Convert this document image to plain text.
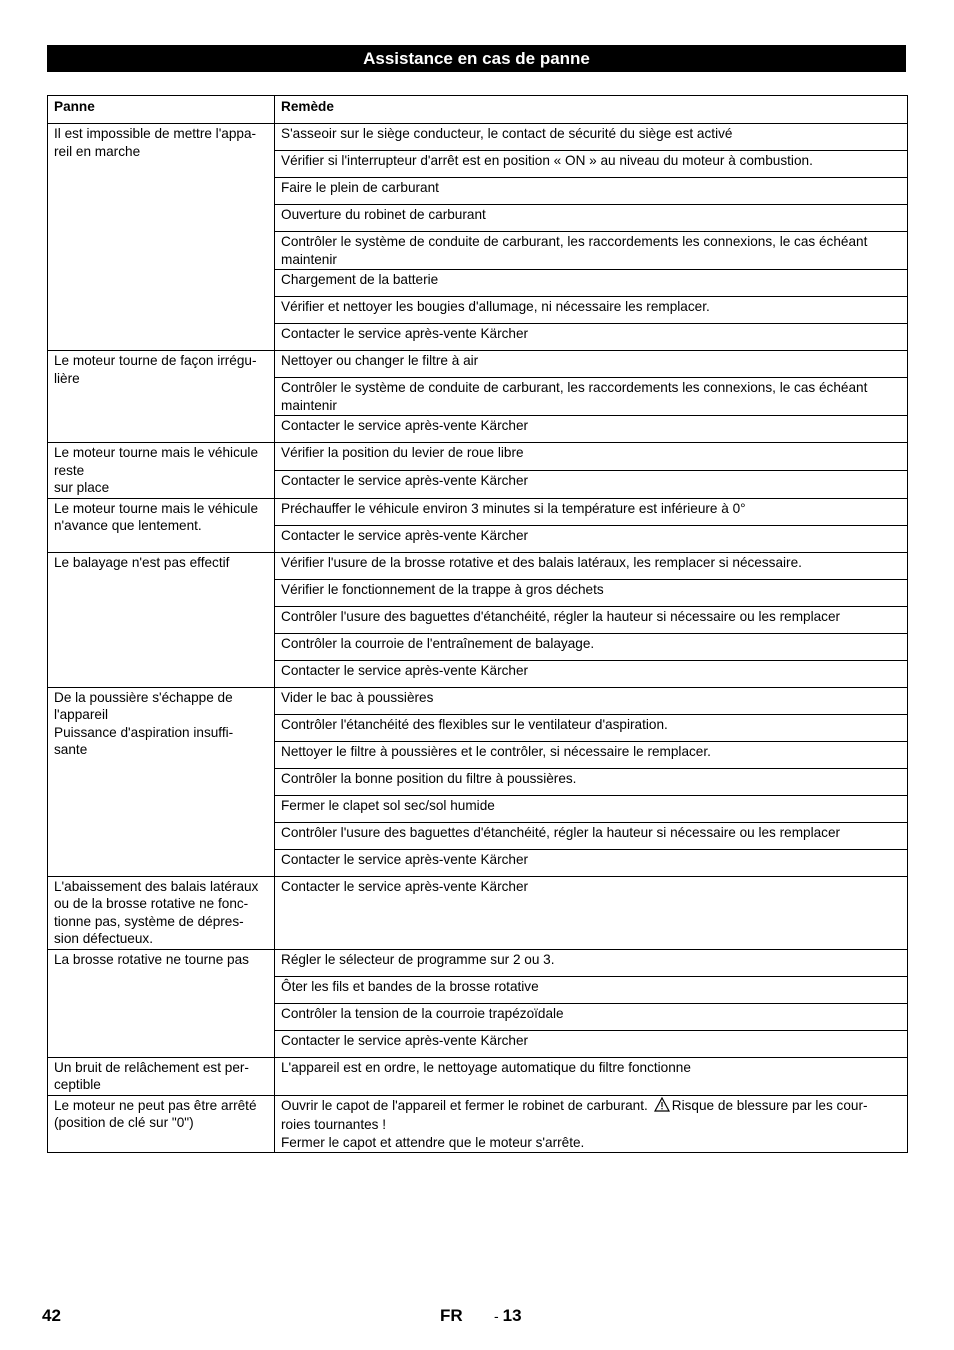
Assistance en cas de panne
Panne	Remède
Il est impossible de mettre l'appa-
reil en marche	S'asseoir sur le siège conducteur, le contact de sécurité du siège est activé
	Vérifier si l'interrupteur d'arrêt est en position « ON » au niveau du moteur à combustion.
	Faire le plein de carburant
	Ouverture du robinet de carburant
	Contrôler le système de conduite de carburant, les raccordements les connexions, le cas échéant maintenir
	Chargement de la batterie
	Vérifier et nettoyer les bougies d'allumage, ni nécessaire les remplacer.
	Contacter le service après-vente Kärcher
Le moteur tourne de façon irrégu-
lière	Nettoyer ou changer le filtre à air
	Contrôler le système de conduite de carburant, les raccordements les connexions, le cas échéant maintenir
	Contacter le service après-vente Kärcher
Le moteur tourne mais le véhicule reste
sur place	Vérifier la position du levier de roue libre
	Contacter le service après-vente Kärcher
Le moteur tourne mais le véhicule n'avance que lentement.	Préchauffer le véhicule environ 3 minutes si la température est inférieure à 0°
	Contacter le service après-vente Kärcher
Le balayage n'est pas effectif	Vérifier l'usure de la brosse rotative et des balais latéraux, les remplacer si nécessaire.
	Vérifier le fonctionnement de la trappe à gros déchets
	Contrôler l'usure des baguettes d'étanchéité, régler la hauteur si nécessaire ou les remplacer
	Contrôler la courroie de l'entraînement de balayage.
	Contacter le service après-vente Kärcher
De la poussière s'échappe de l'appareil
Puissance d'aspiration insuffi-
sante	Vider le bac à poussières
	Contrôler l'étanchéité des flexibles sur le ventilateur d'aspiration.
	Nettoyer le filtre à poussières et le contrôler, si nécessaire le remplacer.
	Contrôler la bonne position du filtre à poussières.
	Fermer le clapet sol sec/sol humide
	Contrôler l'usure des baguettes d'étanchéité, régler la hauteur si nécessaire ou les remplacer
	Contacter le service après-vente Kärcher
L'abaissement des balais latéraux ou de la brosse rotative ne fonc-
tionne pas, système de dépres-
sion défectueux.	Contacter le service après-vente Kärcher
La brosse rotative ne tourne pas	Régler le sélecteur de programme sur 2 ou 3.
	Ôter les fils et bandes de la brosse rotative
	Contrôler la tension de la courroie trapézoïdale
	Contacter le service après-vente Kärcher
Un bruit de relâchement est per-
ceptible	L'appareil est en ordre, le nettoyage automatique du filtre fonctionne
Le moteur ne peut pas être arrêté (position de clé sur "0")	Ouvrir le capot de l'appareil et fermer le robinet de carburant. Risque de blessure par les cour-
roies tournantes !
Fermer le capot et attendre que le moteur s'arrête.
42	FR - 13
